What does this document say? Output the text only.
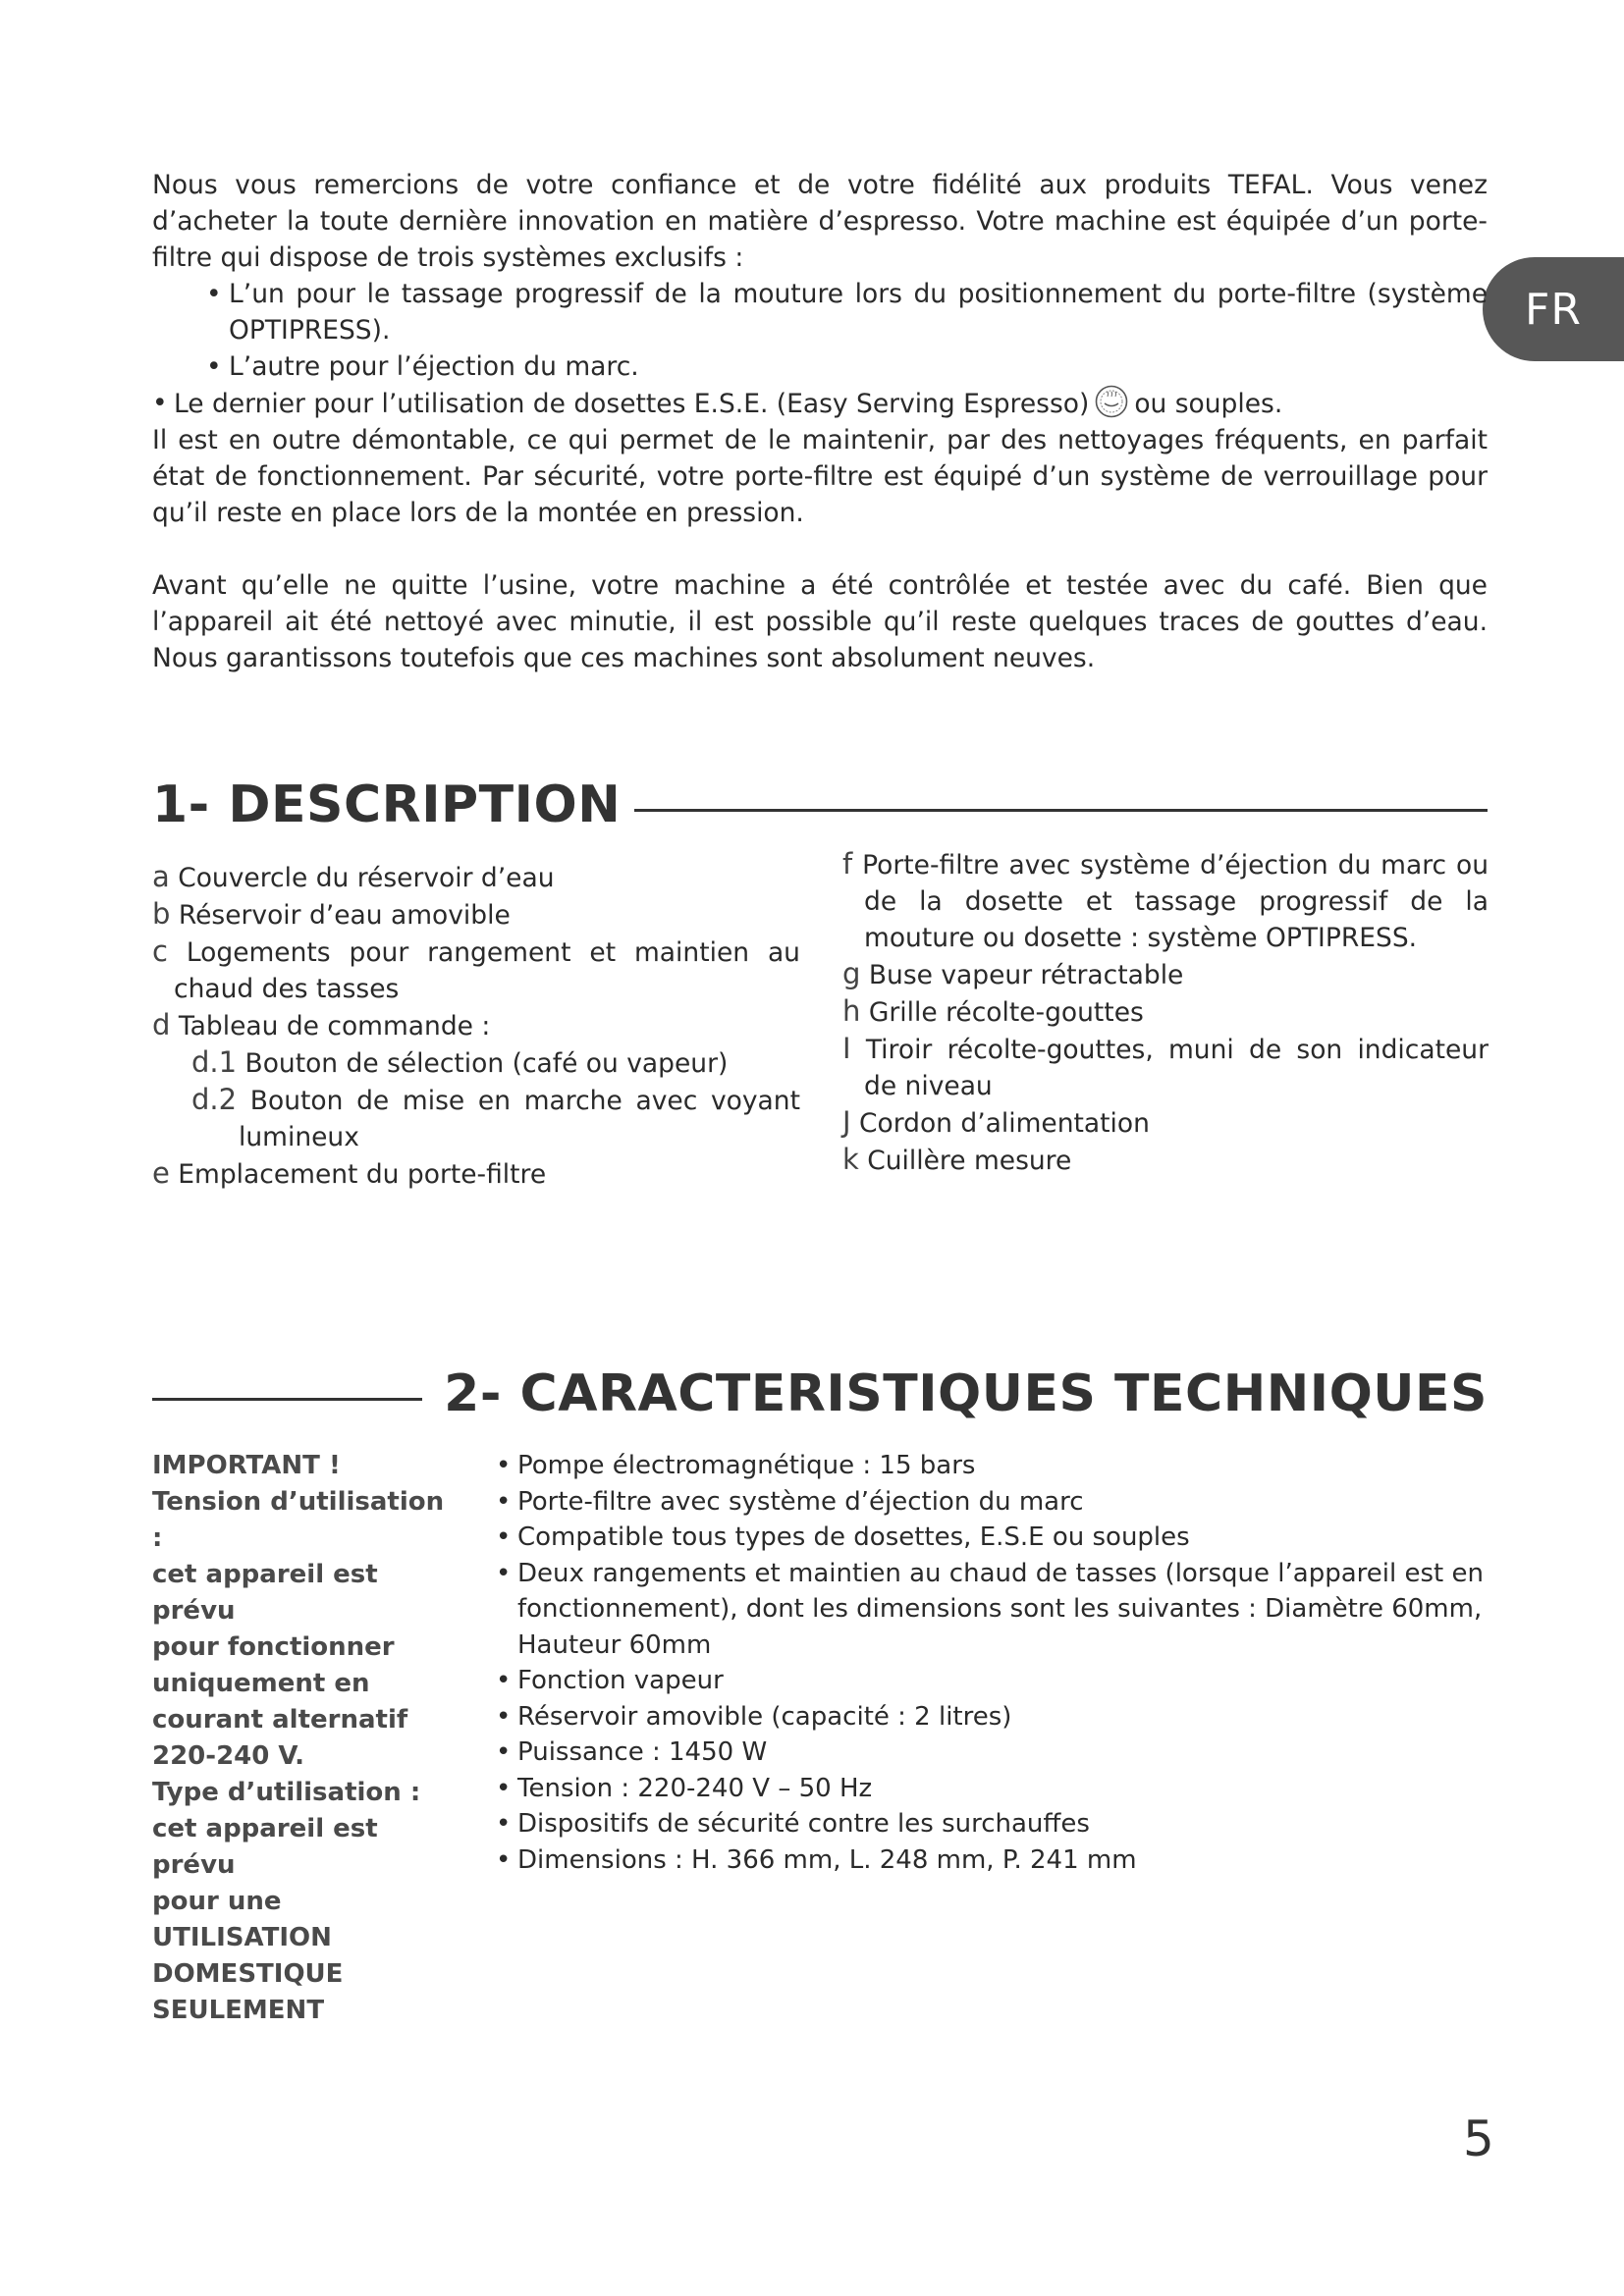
FR

Nous vous remercions de votre confiance et de votre fidélité aux produits TEFAL. Vous venez d’acheter la toute dernière innovation en matière d’espresso. Votre machine est équipée d’un porte-filtre qui dispose de trois systèmes exclusifs :

• L’un pour le tassage progressif de la mouture lors du positionnement du porte-filtre (système OPTIPRESS).
• L’autre pour l’éjection du marc.
• Le dernier pour l’utilisation de dosettes E.S.E. (Easy Serving Espresso) ou souples.

Il est en outre démontable, ce qui permet de le maintenir, par des nettoyages fréquents, en parfait état de fonctionnement. Par sécurité, votre porte-filtre est équipé d’un système de verrouillage pour qu’il reste en place lors de la montée en pression.

Avant qu’elle ne quitte l’usine, votre machine a été contrôlée et testée avec du café. Bien que l’appareil ait été nettoyé avec minutie, il est possible qu’il reste quelques traces de gouttes d’eau. Nous garantissons toutefois que ces machines sont absolument neuves.

1- DESCRIPTION
a Couvercle du réservoir d’eau
b Réservoir d’eau amovible
c Logements pour rangement et maintien au chaud des tasses
d Tableau de commande :
d.1 Bouton de sélection (café ou vapeur)
d.2 Bouton de mise en marche avec voyant lumineux
e Emplacement du porte-filtre
f Porte-filtre avec système d’éjection du marc ou de la dosette et tassage progressif de la mouture ou dosette : système OPTIPRESS.
g Buse vapeur rétractable
h Grille récolte-gouttes
I Tiroir récolte-gouttes, muni de son indicateur de niveau
J Cordon d’alimentation
k Cuillère mesure
2- CARACTERISTIQUES TECHNIQUES
IMPORTANT !
Tension d’utilisation :
cet appareil est prévu
pour fonctionner
uniquement en
courant alternatif
220-240 V.
Type d’utilisation :
cet appareil est prévu
pour une
UTILISATION
DOMESTIQUE
SEULEMENT
• Pompe électromagnétique : 15 bars
• Porte-filtre avec système d’éjection du marc
• Compatible tous types de dosettes, E.S.E ou souples
• Deux rangements et maintien au chaud de tasses (lorsque l’appareil est en fonctionnement), dont les dimensions sont les suivantes : Diamètre 60mm, Hauteur 60mm
• Fonction vapeur
• Réservoir amovible (capacité : 2 litres)
• Puissance : 1450 W
• Tension : 220-240 V – 50 Hz
• Dispositifs de sécurité contre les surchauffes
• Dimensions : H. 366 mm, L. 248 mm, P. 241 mm
5
